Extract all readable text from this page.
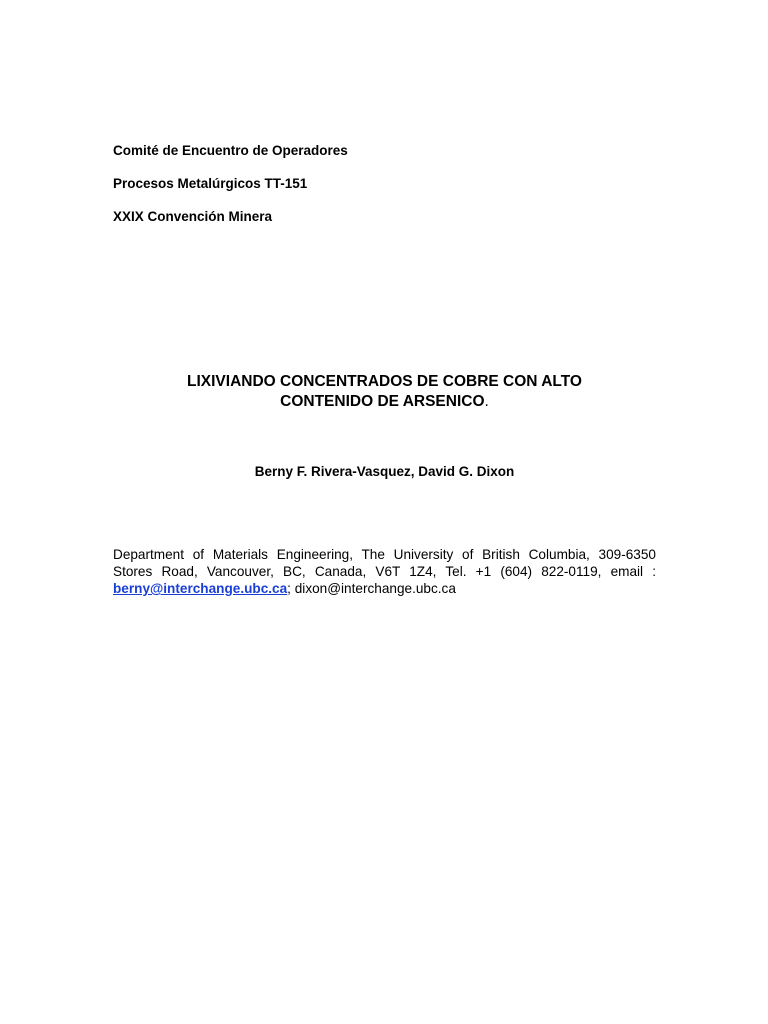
Comité de Encuentro de Operadores
Procesos Metalúrgicos TT-151
XXIX Convención Minera
LIXIVIANDO CONCENTRADOS DE COBRE CON ALTO
CONTENIDO DE ARSENICO.
Berny F. Rivera-Vasquez, David G. Dixon
Department of Materials Engineering, The University of British Columbia, 309-6350
Stores Road, Vancouver, BC, Canada, V6T 1Z4, Tel. +1 (604) 822-0119, email :
berny@interchange.ubc.ca; dixon@interchange.ubc.ca
